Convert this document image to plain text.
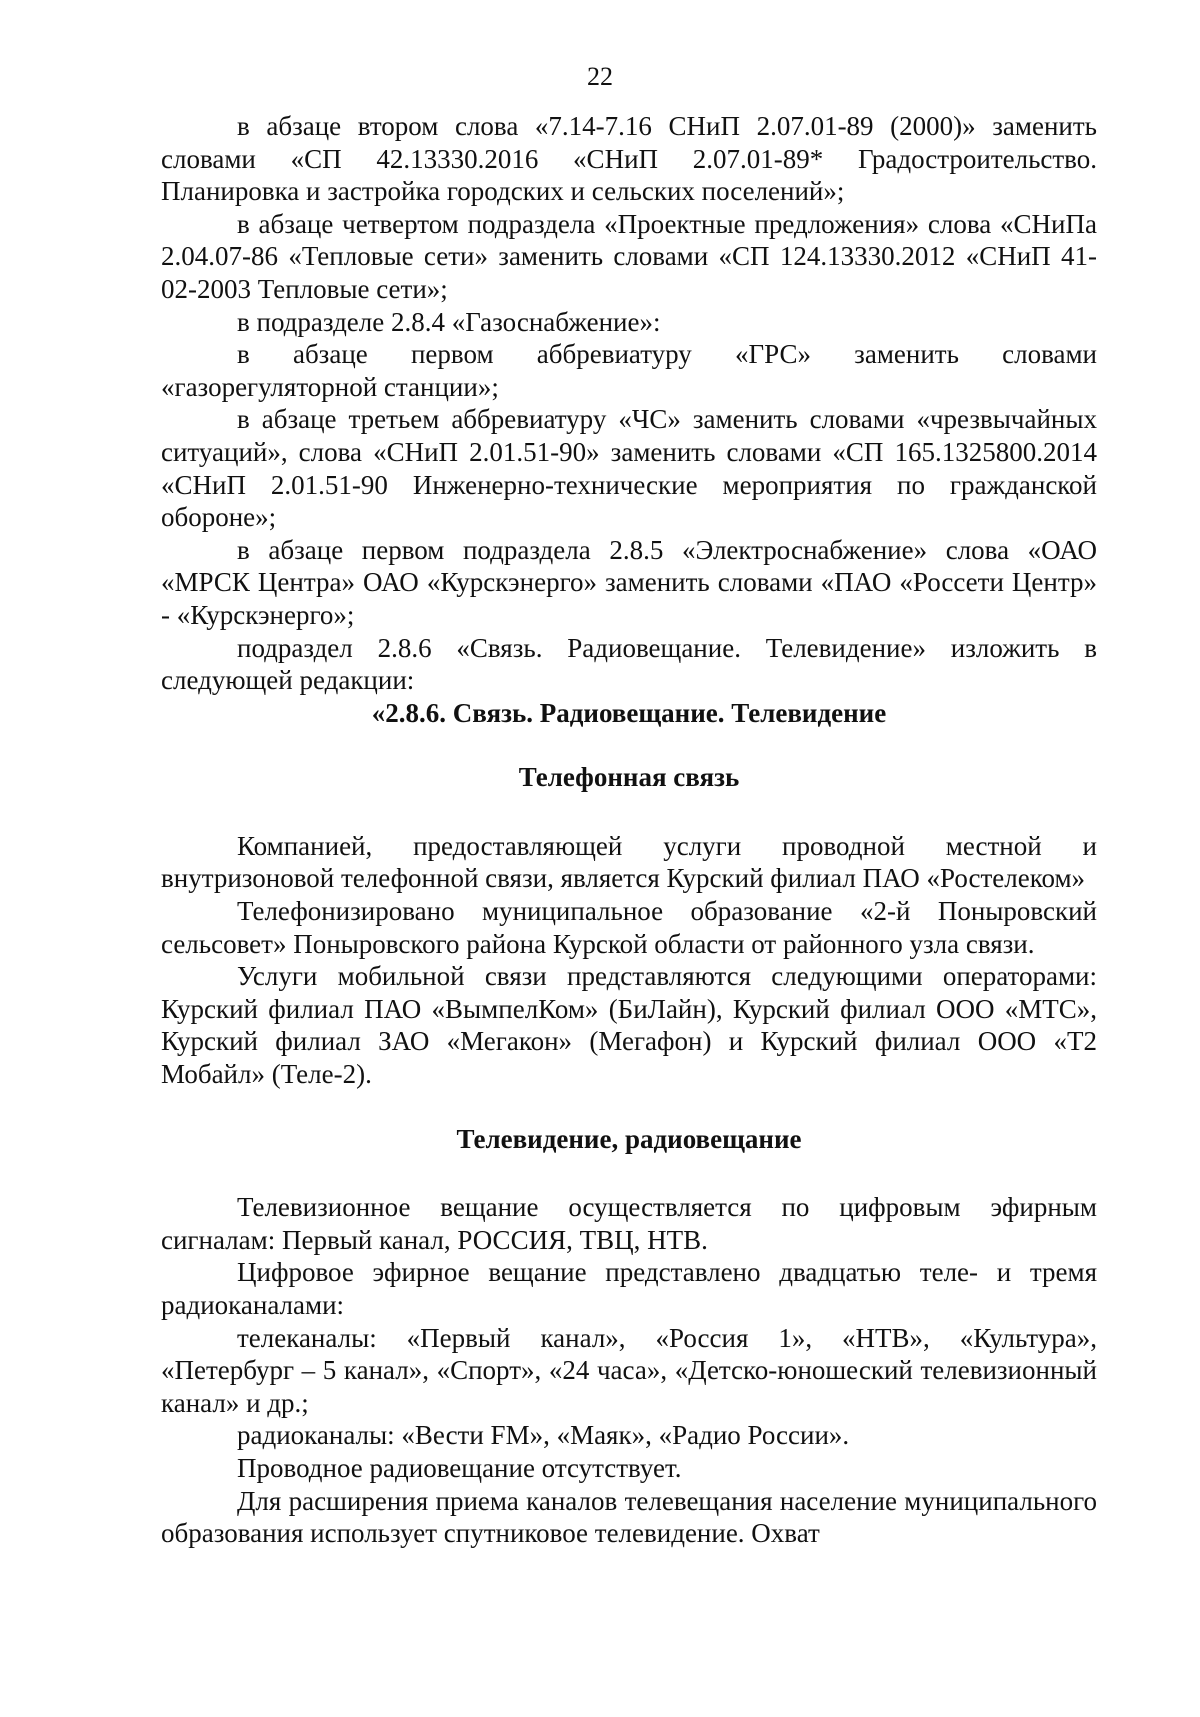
22

в абзаце втором слова «7.14-7.16 СНиП 2.07.01-89 (2000)» заменить словами «СП 42.13330.2016 «СНиП 2.07.01-89* Градостроительство. Планировка и застройка городских и сельских поселений»;

в абзаце четвертом подраздела «Проектные предложения» слова «СНиПа 2.04.07-86 «Тепловые сети» заменить словами «СП 124.13330.2012 «СНиП 41-02-2003 Тепловые сети»;

в подразделе 2.8.4 «Газоснабжение»:

в абзаце первом аббревиатуру «ГРС» заменить словами «газорегуляторной станции»;

в абзаце третьем аббревиатуру «ЧС» заменить словами «чрезвычайных ситуаций», слова «СНиП 2.01.51-90» заменить словами «СП 165.1325800.2014 «СНиП 2.01.51-90 Инженерно-технические мероприятия по гражданской обороне»;

в абзаце первом подраздела 2.8.5 «Электроснабжение» слова «ОАО «МРСК Центра» ОАО «Курскэнерго» заменить словами «ПАО «Россети Центр» - «Курскэнерго»;

подраздел 2.8.6 «Связь. Радиовещание. Телевидение» изложить в следующей редакции:

«2.8.6. Связь. Радиовещание. Телевидение
Телефонная связь

Компанией, предоставляющей услуги проводной местной и внутризоновой телефонной связи, является Курский филиал ПАО «Ростелеком»

Телефонизировано муниципальное образование «2-й Поныровский сельсовет» Поныровского района Курской области от районного узла связи.

Услуги мобильной связи представляются следующими операторами: Курский филиал ПАО «ВымпелКом» (БиЛайн), Курский филиал ООО «МТС», Курский филиал ЗАО «Мегакон» (Мегафон) и Курский филиал ООО «Т2 Мобайл» (Теле-2).

Телевидение, радиовещание

Телевизионное вещание осуществляется по цифровым эфирным сигналам: Первый канал, РОССИЯ, ТВЦ, НТВ.

Цифровое эфирное вещание представлено двадцатью теле- и тремя радиоканалами:

телеканалы: «Первый канал», «Россия 1», «НТВ», «Культура», «Петербург – 5 канал», «Спорт», «24 часа», «Детско-юношеский телевизионный канал» и др.;

радиоканалы: «Вести FM», «Маяк», «Радио России».

Проводное радиовещание отсутствует.

Для расширения приема каналов телевещания население муниципального образования использует спутниковое телевидение. Охват
